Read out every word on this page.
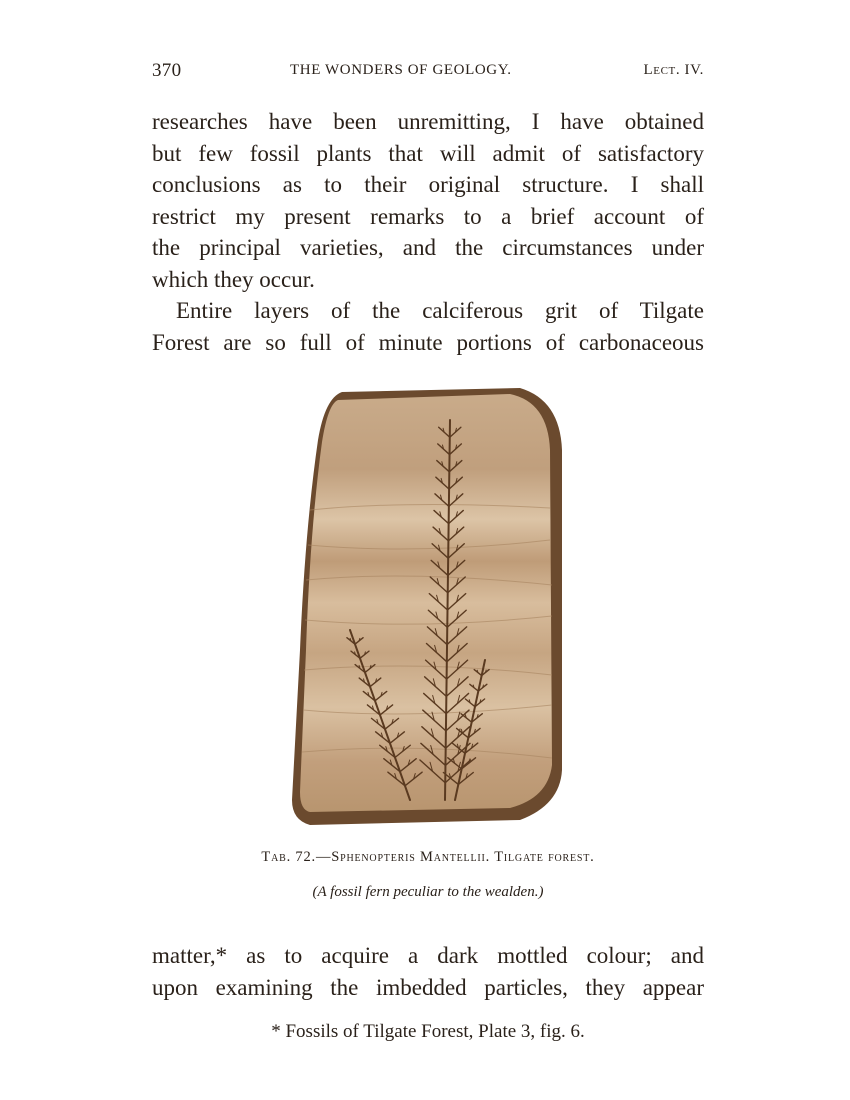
370	THE WONDERS OF GEOLOGY.	Lect. IV.
researches have been unremitting, I have obtained
but few fossil plants that will admit of satisfactory
conclusions as to their original structure. I shall
restrict my present remarks to a brief account of
the principal varieties, and the circumstances under
which they occur.
Entire layers of the calciferous grit of Tilgate
Forest are so full of minute portions of carbonaceous
Tab. 72.—Sphenopteris Mantellii. Tilgate forest.
(A fossil fern peculiar to the wealden.)
matter,* as to acquire a dark mottled colour; and
upon examining the imbedded particles, they appear
* Fossils of Tilgate Forest, Plate 3, fig. 6.
